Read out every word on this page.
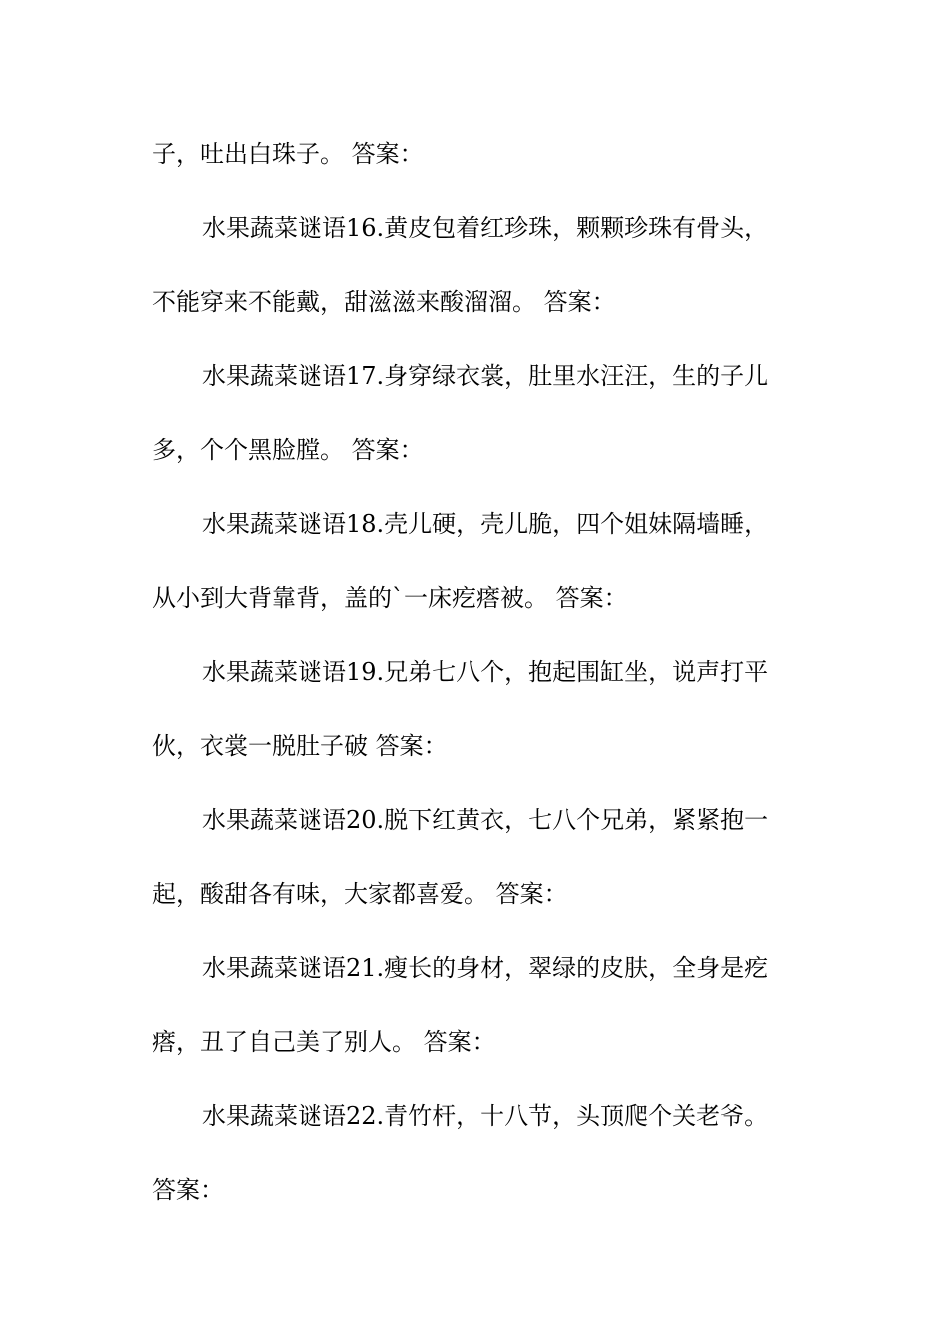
子，吐出白珠子。 答案：
水果蔬菜谜语16.黄皮包着红珍珠，颗颗珍珠有骨头，
不能穿来不能戴，甜滋滋来酸溜溜。 答案：
水果蔬菜谜语17.身穿绿衣裳，肚里水汪汪，生的子儿
多，个个黑脸膛。 答案：
水果蔬菜谜语18.壳儿硬，壳儿脆，四个姐妹隔墙睡，
从小到大背靠背，盖的`一床疙瘩被。 答案：
水果蔬菜谜语19.兄弟七八个，抱起围缸坐，说声打平
伙，衣裳一脱肚子破 答案：
水果蔬菜谜语20.脱下红黄衣，七八个兄弟，紧紧抱一
起，酸甜各有味，大家都喜爱。 答案：
水果蔬菜谜语21.瘦长的身材，翠绿的皮肤，全身是疙
瘩，丑了自己美了别人。 答案：
水果蔬菜谜语22.青竹杆，十八节，头顶爬个关老爷。
答案：
